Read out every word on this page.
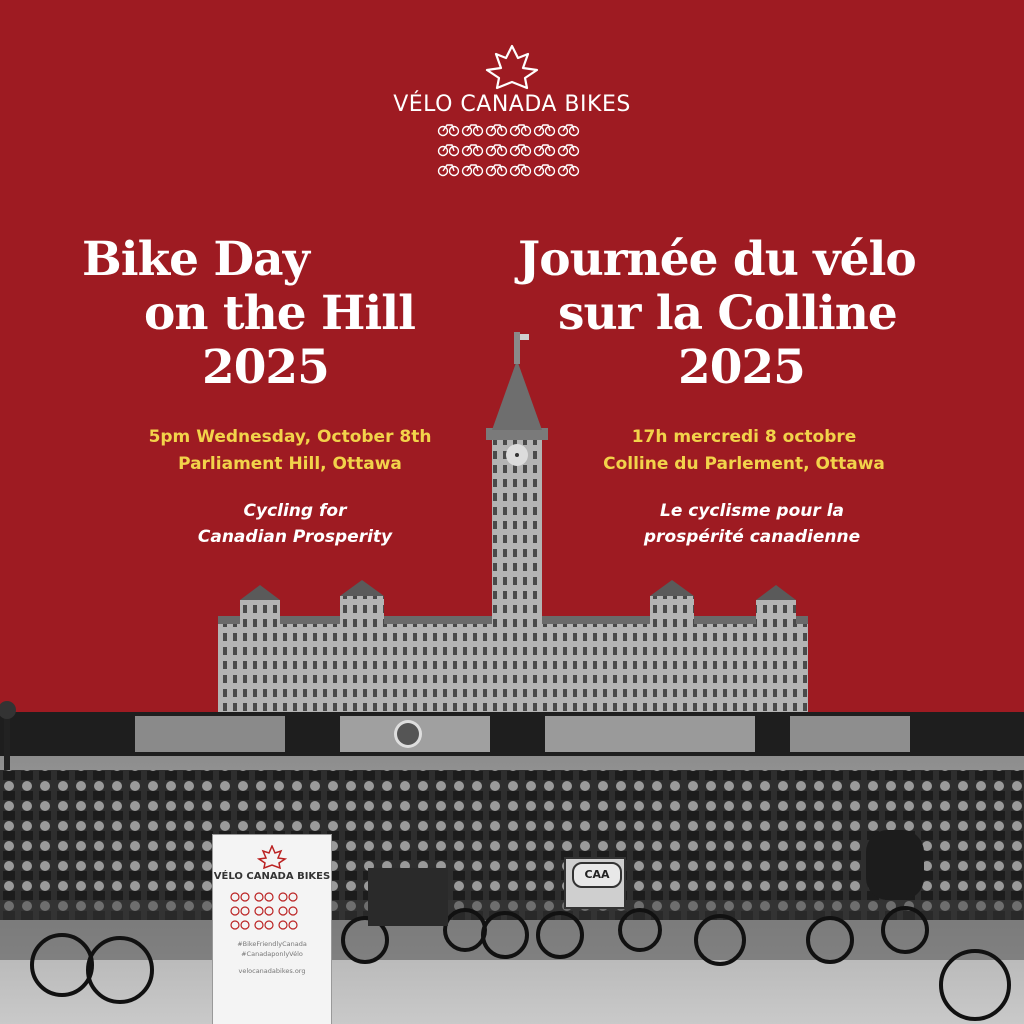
VÉLO CANADA BIKES
#BikeFriendlyCanada
#CanadaponlyVélo
velocanadabikes.org
CAA
VÉLO CANADA BIKES
Bike Day
on the Hill
2025
Journée du vélo
sur la Colline
2025
5pm Wednesday, October 8th
Parliament Hill, Ottawa
17h mercredi 8 octobre
Colline du Parlement, Ottawa
Cycling for
Canadian Prosperity
Le cyclisme pour la
prospérité canadienne
